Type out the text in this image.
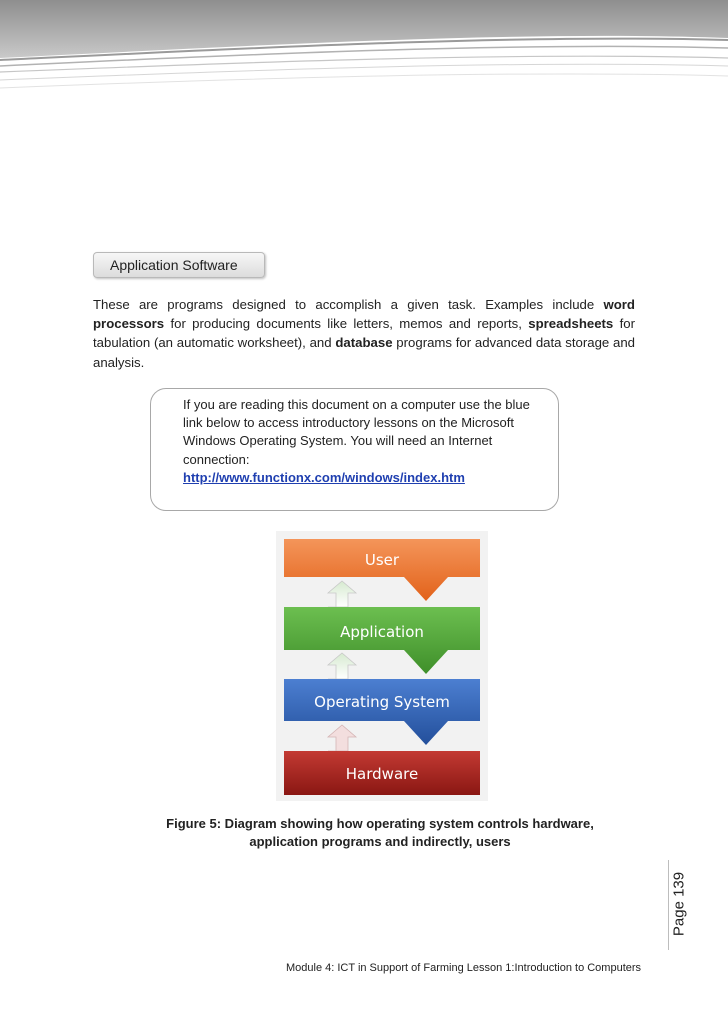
Application Software

These are programs designed to accomplish a given task. Examples include word processors for producing documents like letters, memos and reports, spreadsheets for tabulation (an automatic worksheet), and database programs for advanced data storage and analysis.

If you are reading this document on a computer use the blue link below to access introductory lessons on the Microsoft Windows Operating System. You will need an Internet connection:
http://www.functionx.com/windows/index.htm

User
Application
Operating System
Hardware

Figure 5: Diagram showing how operating system controls hardware,
application programs and indirectly, users

Page 139
Module 4: ICT in Support of Farming Lesson 1:Introduction to Computers
